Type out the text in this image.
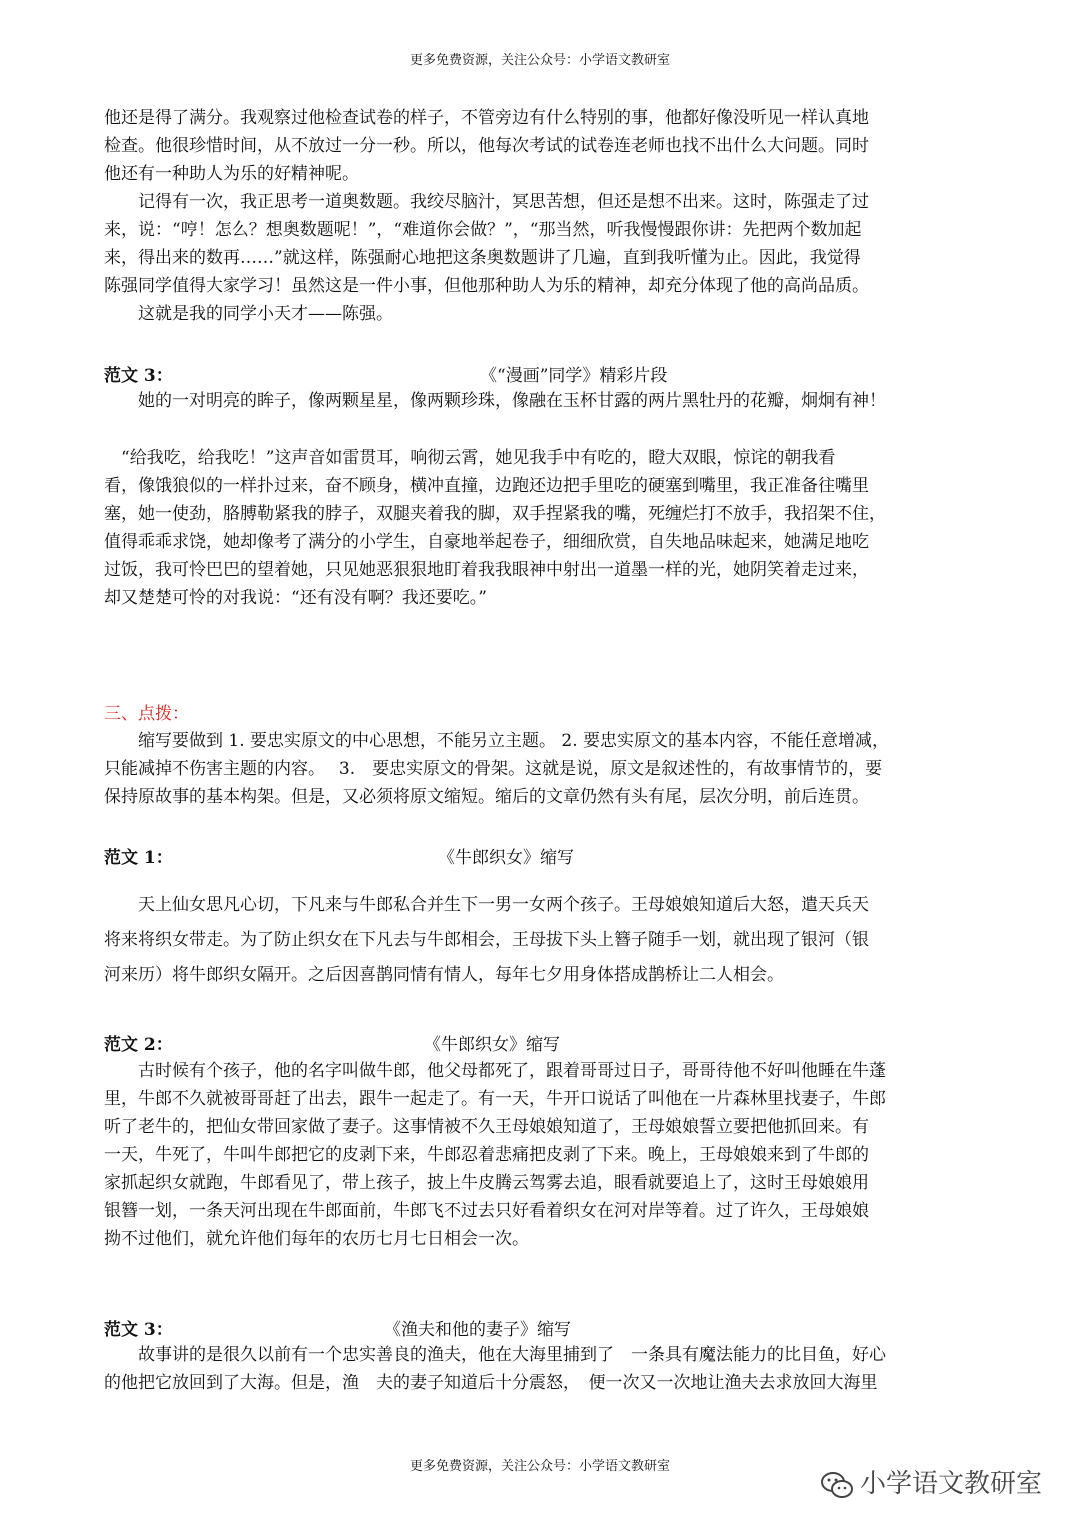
更多免费资源，关注公众号：小学语文教研室
他还是得了满分。我观察过他检查试卷的样子，不管旁边有什么特别的事，他都好像没听见一样认真地
检查。他很珍惜时间，从不放过一分一秒。所以，他每次考试的试卷连老师也找不出什么大问题。同时
他还有一种助人为乐的好精神呢。
　　记得有一次，我正思考一道奥数题。我绞尽脑汁，冥思苦想，但还是想不出来。这时，陈强走了过
来，说：“哼！怎么？想奥数题呢！”，“难道你会做？”，“那当然，听我慢慢跟你讲：先把两个数加起
来，得出来的数再……”就这样，陈强耐心地把这条奥数题讲了几遍，直到我听懂为止。因此，我觉得
陈强同学值得大家学习！虽然这是一件小事，但他那种助人为乐的精神，却充分体现了他的高尚品质。
　　这就是我的同学小天才——陈强。
范文 3：	《“漫画”同学》精彩片段
　　她的一对明亮的眸子，像两颗星星，像两颗珍珠，像融在玉杯甘露的两片黑牡丹的花瓣，炯炯有神！
　“给我吃，给我吃！”这声音如雷贯耳，响彻云霄，她见我手中有吃的，瞪大双眼，惊诧的朝我看
看，像饿狼似的一样扑过来，奋不顾身，横冲直撞，边跑还边把手里吃的硬塞到嘴里，我正准备往嘴里
塞，她一使劲，胳膊勒紧我的脖子，双腿夹着我的脚，双手捏紧我的嘴，死缠烂打不放手，我招架不住，
值得乖乖求饶，她却像考了满分的小学生，自豪地举起卷子，细细欣赏，自失地品味起来，她满足地吃
过饭，我可怜巴巴的望着她，只见她恶狠狠地盯着我我眼神中射出一道墨一样的光，她阴笑着走过来，
却又楚楚可怜的对我说：“还有没有啊？我还要吃。”
三、点拨：
　　缩写要做到 1. 要忠实原文的中心思想，不能另立主题。 2. 要忠实原文的基本内容，不能任意增减，
只能减掉不伤害主题的内容。　 3.　要忠实原文的骨架。这就是说，原文是叙述性的，有故事情节的，要
保持原故事的基本构架。但是，又必须将原文缩短。缩后的文章仍然有头有尾，层次分明，前后连贯。
范文 1：	《牛郎织女》缩写
　　天上仙女思凡心切，下凡来与牛郎私合并生下一男一女两个孩子。王母娘娘知道后大怒，遣天兵天
将来将织女带走。为了防止织女在下凡去与牛郎相会，王母拔下头上簪子随手一划，就出现了银河（银
河来历）将牛郎织女隔开。之后因喜鹊同情有情人，每年七夕用身体搭成鹊桥让二人相会。
范文 2：	《牛郎织女》缩写
　　古时候有个孩子，他的名字叫做牛郎，他父母都死了，跟着哥哥过日子，哥哥待他不好叫他睡在牛蓬
里，牛郎不久就被哥哥赶了出去，跟牛一起走了。有一天，牛开口说话了叫他在一片森林里找妻子，牛郎
听了老牛的，把仙女带回家做了妻子。这事情被不久王母娘娘知道了，王母娘娘誓立要把他抓回来。有
一天，牛死了，牛叫牛郎把它的皮剥下来，牛郎忍着悲痛把皮剥了下来。晚上，王母娘娘来到了牛郎的
家抓起织女就跑，牛郎看见了，带上孩子，披上牛皮腾云驾雾去追，眼看就要追上了，这时王母娘娘用
银簪一划，一条天河出现在牛郎面前，牛郎飞不过去只好看着织女在河对岸等着。过了许久，王母娘娘
拗不过他们，就允许他们每年的农历七月七日相会一次。
范文 3：	《渔夫和他的妻子》缩写
　　故事讲的是很久以前有一个忠实善良的渔夫，他在大海里捕到了　一条具有魔法能力的比目鱼，好心
的他把它放回到了大海。但是，渔　夫的妻子知道后十分震怒，　便一次又一次地让渔夫去求放回大海里
更多免费资源，关注公众号：小学语文教研室
小学语文教研室
